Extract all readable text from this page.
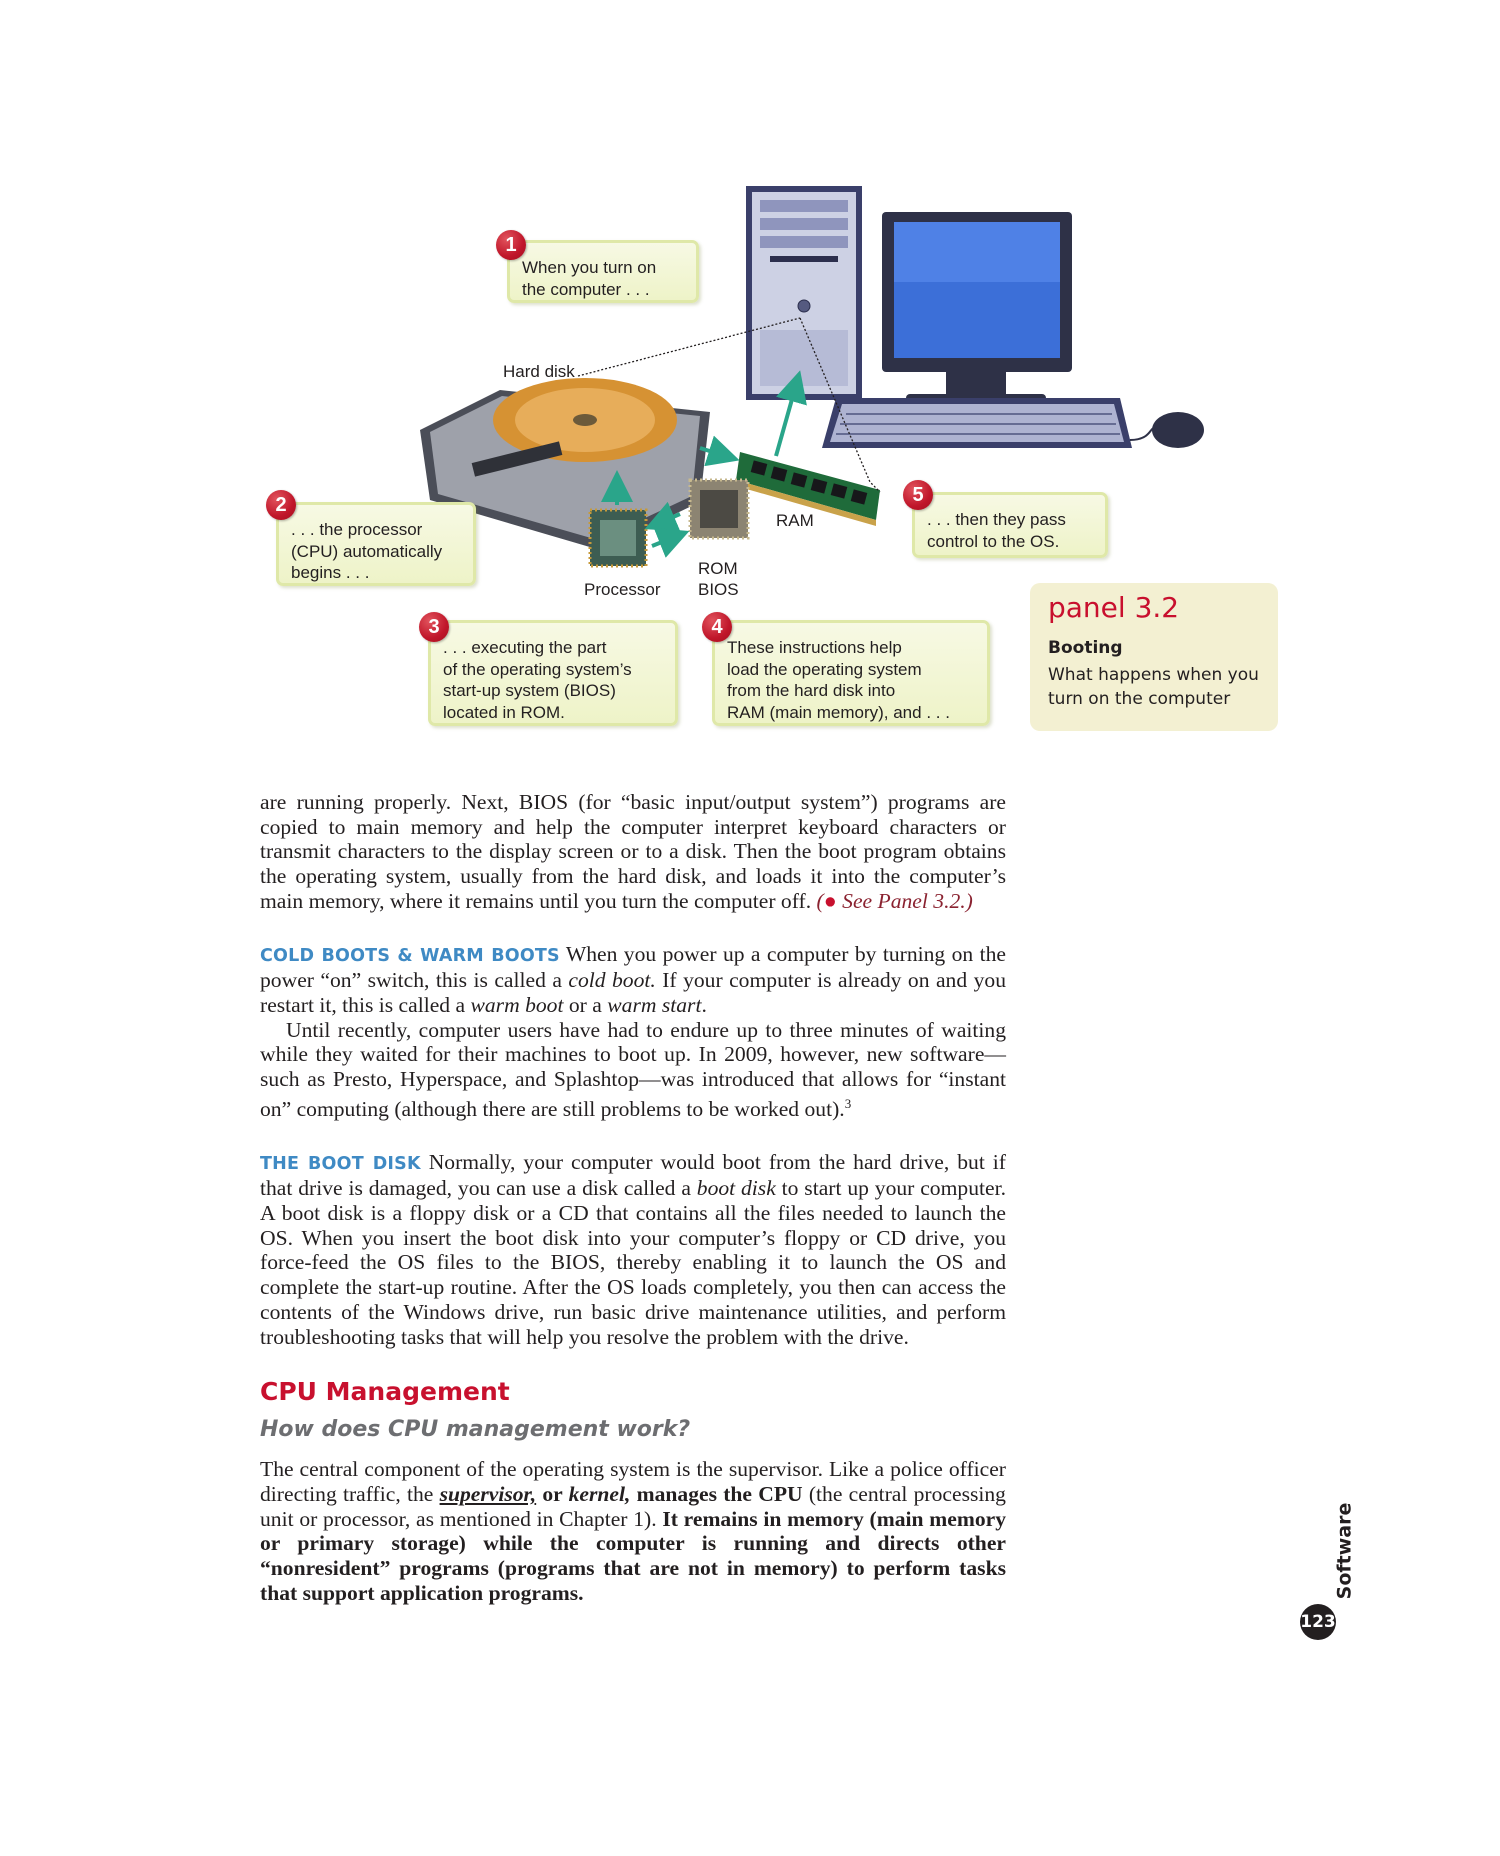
When you turn on
the computer . . .
1
. . . the processor
(CPU) automatically
begins . . .
2
. . . executing the part
of the operating system’s
start-up system (BIOS)
located in ROM.
3
These instructions help
load the operating system
from the hard disk into
RAM (main memory), and . . .
4
. . . then they pass
control to the OS.
5
Hard disk
RAM
Processor
ROM
BIOS
panel 3.2
Booting
What happens when you turn on the computer

are running properly. Next, BIOS (for “basic input/output system”) programs are copied to main memory and help the computer interpret keyboard characters or transmit characters to the display screen or to a disk. Then the boot program obtains the operating system, usually from the hard disk, and loads it into the computer’s main memory, where it remains until you turn the computer off. (● See Panel 3.2.)

COLD BOOTS & WARM BOOTS When you power up a computer by turning on the power “on” switch, this is called a cold boot. If your computer is already on and you restart it, this is called a warm boot or a warm start.

Until recently, computer users have had to endure up to three minutes of waiting while they waited for their machines to boot up. In 2009, however, new software—such as Presto, Hyperspace, and Splashtop—was introduced that allows for “instant on” computing (although there are still problems to be worked out).$^3$

THE BOOT DISK Normally, your computer would boot from the hard drive, but if that drive is damaged, you can use a disk called a boot disk to start up your computer. A boot disk is a floppy disk or a CD that contains all the files needed to launch the OS. When you insert the boot disk into your computer’s floppy or CD drive, you force-feed the OS files to the BIOS, thereby enabling it to launch the OS and complete the start-up routine. After the OS loads completely, you then can access the contents of the Windows drive, run basic drive maintenance utilities, and perform troubleshooting tasks that will help you resolve the problem with the drive.

CPU Management
How does CPU management work?

The central component of the operating system is the supervisor. Like a police officer directing traffic, the supervisor, or kernel, manages the CPU (the central processing unit or processor, as mentioned in Chapter 1). It remains in memory (main memory or primary storage) while the computer is running and directs other “nonresident” programs (programs that are not in memory) to perform tasks that support application programs.	Software
123
